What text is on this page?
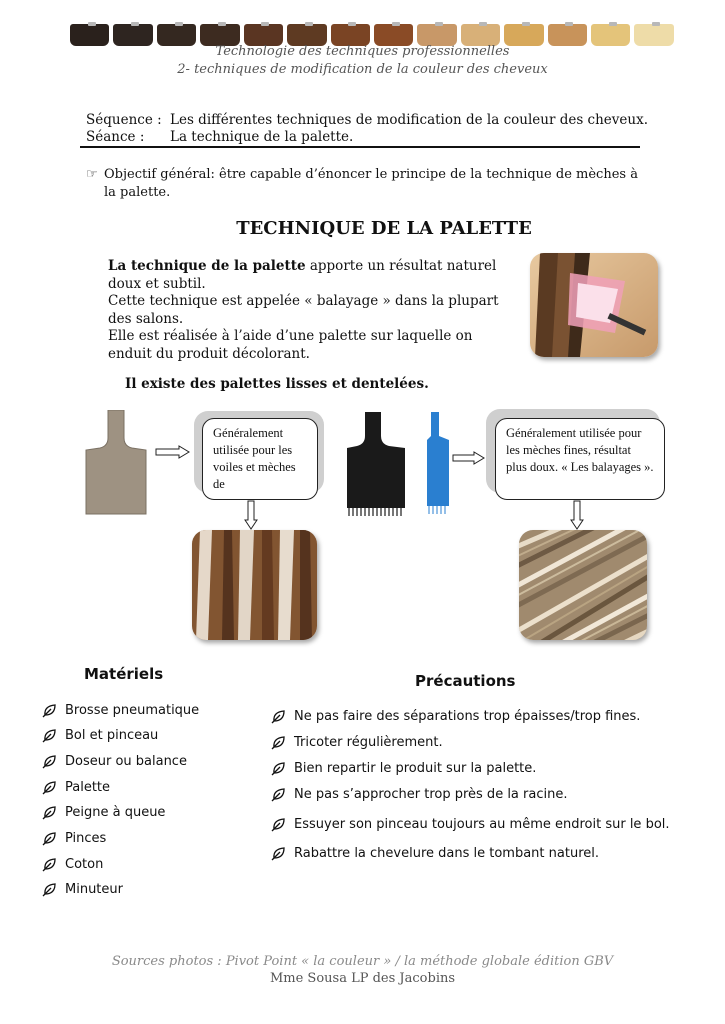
Technologie des techniques professionnelles
2- techniques de modification de la couleur des cheveux
Séquence : Les différentes techniques de modification de la couleur des cheveux.
Séance : La technique de la palette.
☞ Objectif général: être capable d’énoncer le principe de la technique de mèches à la palette.
TECHNIQUE DE LA PALETTE
La technique de la palette apporte un résultat naturel doux et subtil.
Cette technique est appelée « balayage » dans la plupart des salons.
Elle est réalisée à l’aide d’une palette sur laquelle on enduit du produit décolorant.
Il existe des palettes lisses et dentelées.
Généralement utilisée pour les voiles et mèches de
Généralement utilisée pour les mèches fines, résultat plus doux. « Les balayages ».
Matériels
Brosse pneumatique
Bol et pinceau
Doseur ou balance
Palette
Peigne à queue
Pinces
Coton
Minuteur
Précautions
Ne pas faire des séparations trop épaisses/trop fines.
Tricoter régulièrement.
Bien repartir le produit sur la palette.
Ne pas s’approcher trop près de la racine.
Essuyer son pinceau toujours au même endroit sur le bol.
Rabattre la chevelure dans le tombant naturel.
Sources photos : Pivot Point « la couleur » / la méthode globale édition GBV
Mme Sousa LP des Jacobins
